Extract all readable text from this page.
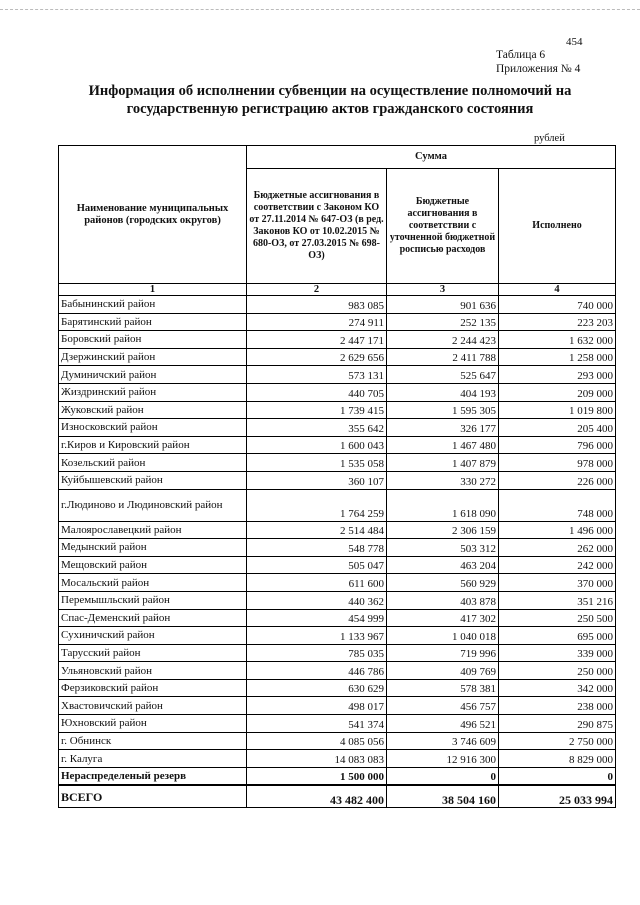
454
Таблица 6
Приложения № 4
Информация об исполнении субвенции на осуществление полномочий на государственную регистрацию актов гражданского состояния
рублей
Наименование муниципальных районов (городских округов)	Сумма		
	Бюджетные ассигнования в соответствии с Законом КО от 27.11.2014 № 647-ОЗ (в ред. Законов КО от 10.02.2015 № 680-ОЗ, от 27.03.2015 № 698-ОЗ)	Бюджетные ассигнования в соответствии с уточненной бюджетной росписью расходов	Исполнено
1	2	3	4
Бабынинский район	983 085	901 636	740 000
Барятинский район	274 911	252 135	223 203
Боровский район	2 447 171	2 244 423	1 632 000
Дзержинский район	2 629 656	2 411 788	1 258 000
Думиничский район	573 131	525 647	293 000
Жиздринский район	440 705	404 193	209 000
Жуковский район	1 739 415	1 595 305	1 019 800
Износковский район	355 642	326 177	205 400
г.Киров и Кировский район	1 600 043	1 467 480	796 000
Козельский район	1 535 058	1 407 879	978 000
Куйбышевский район	360 107	330 272	226 000
г.Людиново и Людиновский район	1 764 259	1 618 090	748 000
Малоярославецкий район	2 514 484	2 306 159	1 496 000
Медынский район	548 778	503 312	262 000
Мещовский район	505 047	463 204	242 000
Мосальский район	611 600	560 929	370 000
Перемышльский район	440 362	403 878	351 216
Спас-Деменский район	454 999	417 302	250 500
Сухиничский район	1 133 967	1 040 018	695 000
Тарусский район	785 035	719 996	339 000
Ульяновский район	446 786	409 769	250 000
Ферзиковский район	630 629	578 381	342 000
Хвастовичский район	498 017	456 757	238 000
Юхновский район	541 374	496 521	290 875
г. Обнинск	4 085 056	3 746 609	2 750 000
г. Калуга	14 083 083	12 916 300	8 829 000
Нераспределеный резерв	1 500 000	0	0
ВСЕГО	43 482 400	38 504 160	25 033 994
